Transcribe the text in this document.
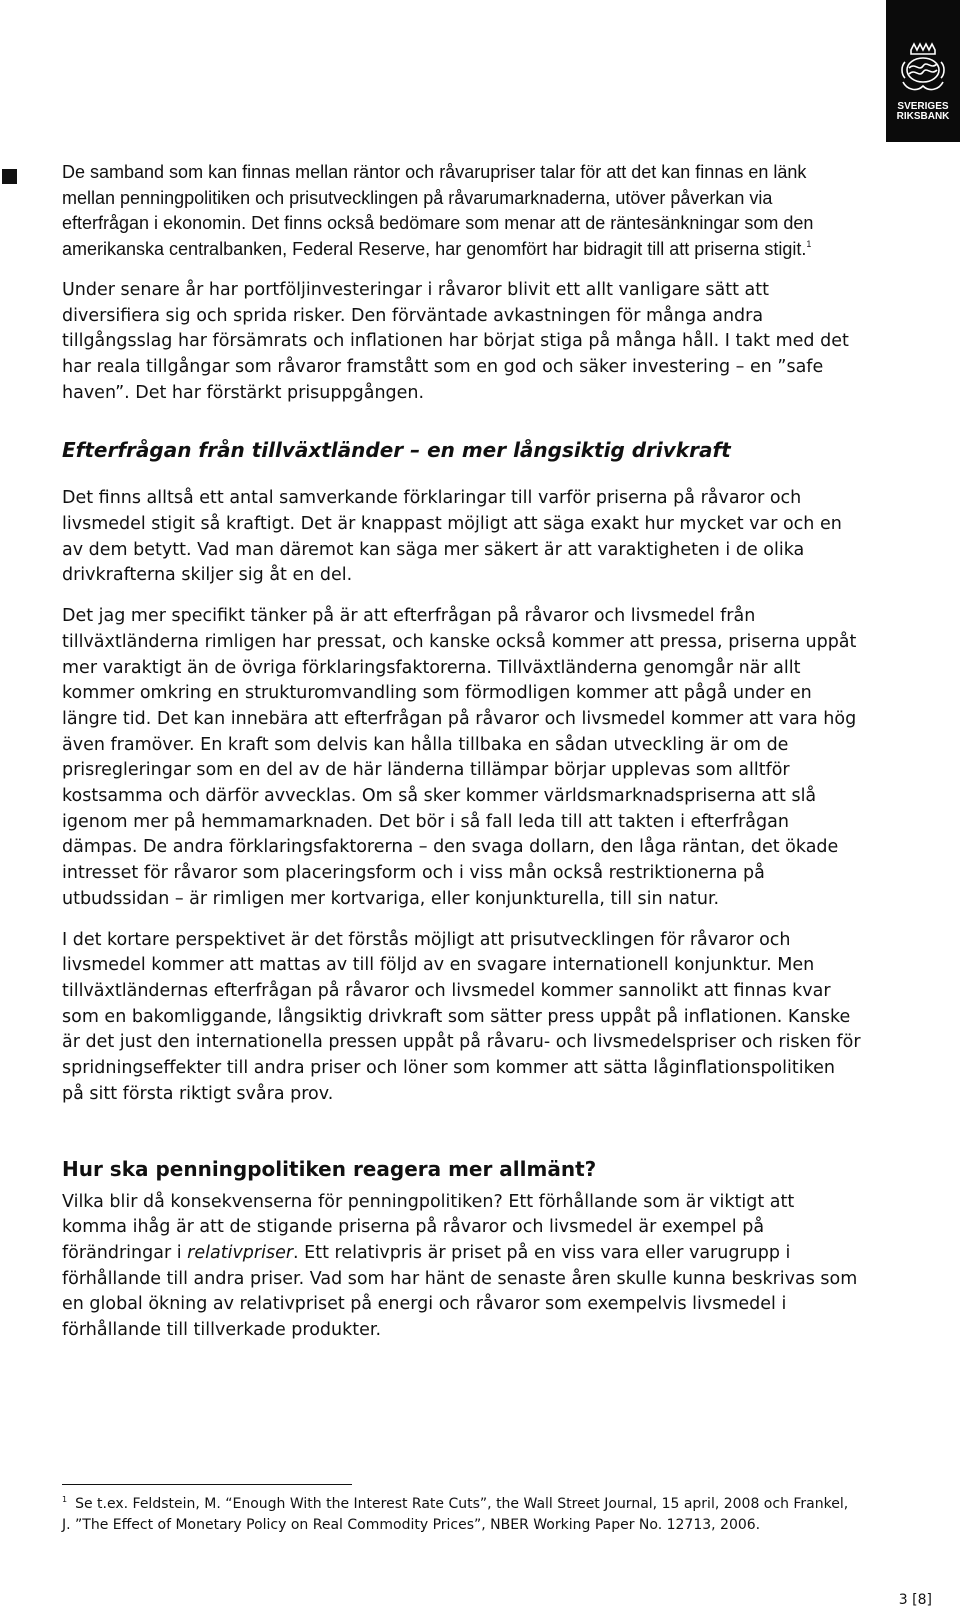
SVERIGES
RIKSBANK

De samband som kan finnas mellan räntor och råvarupriser talar för att det kan finnas en länk mellan penningpolitiken och prisutvecklingen på råvarumarknaderna, utöver påverkan via efterfrågan i ekonomin. Det finns också bedömare som menar att de räntesänkningar som den amerikanska centralbanken, Federal Reserve, har genomfört har bidragit till att priserna stigit.$^1$

Under senare år har portföljinvesteringar i råvaror blivit ett allt vanligare sätt att diversifiera sig och sprida risker. Den förväntade avkastningen för många andra tillgångsslag har försämrats och inflationen har börjat stiga på många håll. I takt med det har reala tillgångar som råvaror framstått som en god och säker investering – en ”safe haven”. Det har förstärkt prisuppgången.

Efterfrågan från tillväxtländer – en mer långsiktig drivkraft

Det finns alltså ett antal samverkande förklaringar till varför priserna på råvaror och livsmedel stigit så kraftigt. Det är knappast möjligt att säga exakt hur mycket var och en av dem betytt. Vad man däremot kan säga mer säkert är att varaktigheten i de olika drivkrafterna skiljer sig åt en del.

Det jag mer specifikt tänker på är att efterfrågan på råvaror och livsmedel från tillväxtländerna rimligen har pressat, och kanske också kommer att pressa, priserna uppåt mer varaktigt än de övriga förklaringsfaktorerna. Tillväxtländerna genomgår när allt kommer omkring en strukturomvandling som förmodligen kommer att pågå under en längre tid. Det kan innebära att efterfrågan på råvaror och livsmedel kommer att vara hög även framöver. En kraft som delvis kan hålla tillbaka en sådan utveckling är om de prisregleringar som en del av de här länderna tillämpar börjar upplevas som alltför kostsamma och därför avvecklas. Om så sker kommer världsmarknadspriserna att slå igenom mer på hemmamarknaden. Det bör i så fall leda till att takten i efterfrågan dämpas. De andra förklaringsfaktorerna – den svaga dollarn, den låga räntan, det ökade intresset för råvaror som placeringsform och i viss mån också restriktionerna på utbudssidan – är rimligen mer kortvariga, eller konjunkturella, till sin natur.

I det kortare perspektivet är det förstås möjligt att prisutvecklingen för råvaror och livsmedel kommer att mattas av till följd av en svagare internationell konjunktur. Men tillväxtländernas efterfrågan på råvaror och livsmedel kommer sannolikt att finnas kvar som en bakomliggande, långsiktig drivkraft som sätter press uppåt på inflationen. Kanske är det just den internationella pressen uppåt på råvaru- och livsmedelspriser och risken för spridningseffekter till andra priser och löner som kommer att sätta låginflationspolitiken på sitt första riktigt svåra prov.

Hur ska penningpolitiken reagera mer allmänt?

Vilka blir då konsekvenserna för penningpolitiken? Ett förhållande som är viktigt att komma ihåg är att de stigande priserna på råvaror och livsmedel är exempel på förändringar i relativpriser. Ett relativpris är priset på en viss vara eller varugrupp i förhållande till andra priser. Vad som har hänt de senaste åren skulle kunna beskrivas som en global ökning av relativpriset på energi och råvaror som exempelvis livsmedel i förhållande till tillverkade produkter.

$^1$ Se t.ex. Feldstein, M. “Enough With the Interest Rate Cuts”, the Wall Street Journal, 15 april, 2008 och Frankel, J. ”The Effect of Monetary Policy on Real Commodity Prices”, NBER Working Paper No. 12713, 2006.
3 [8]
